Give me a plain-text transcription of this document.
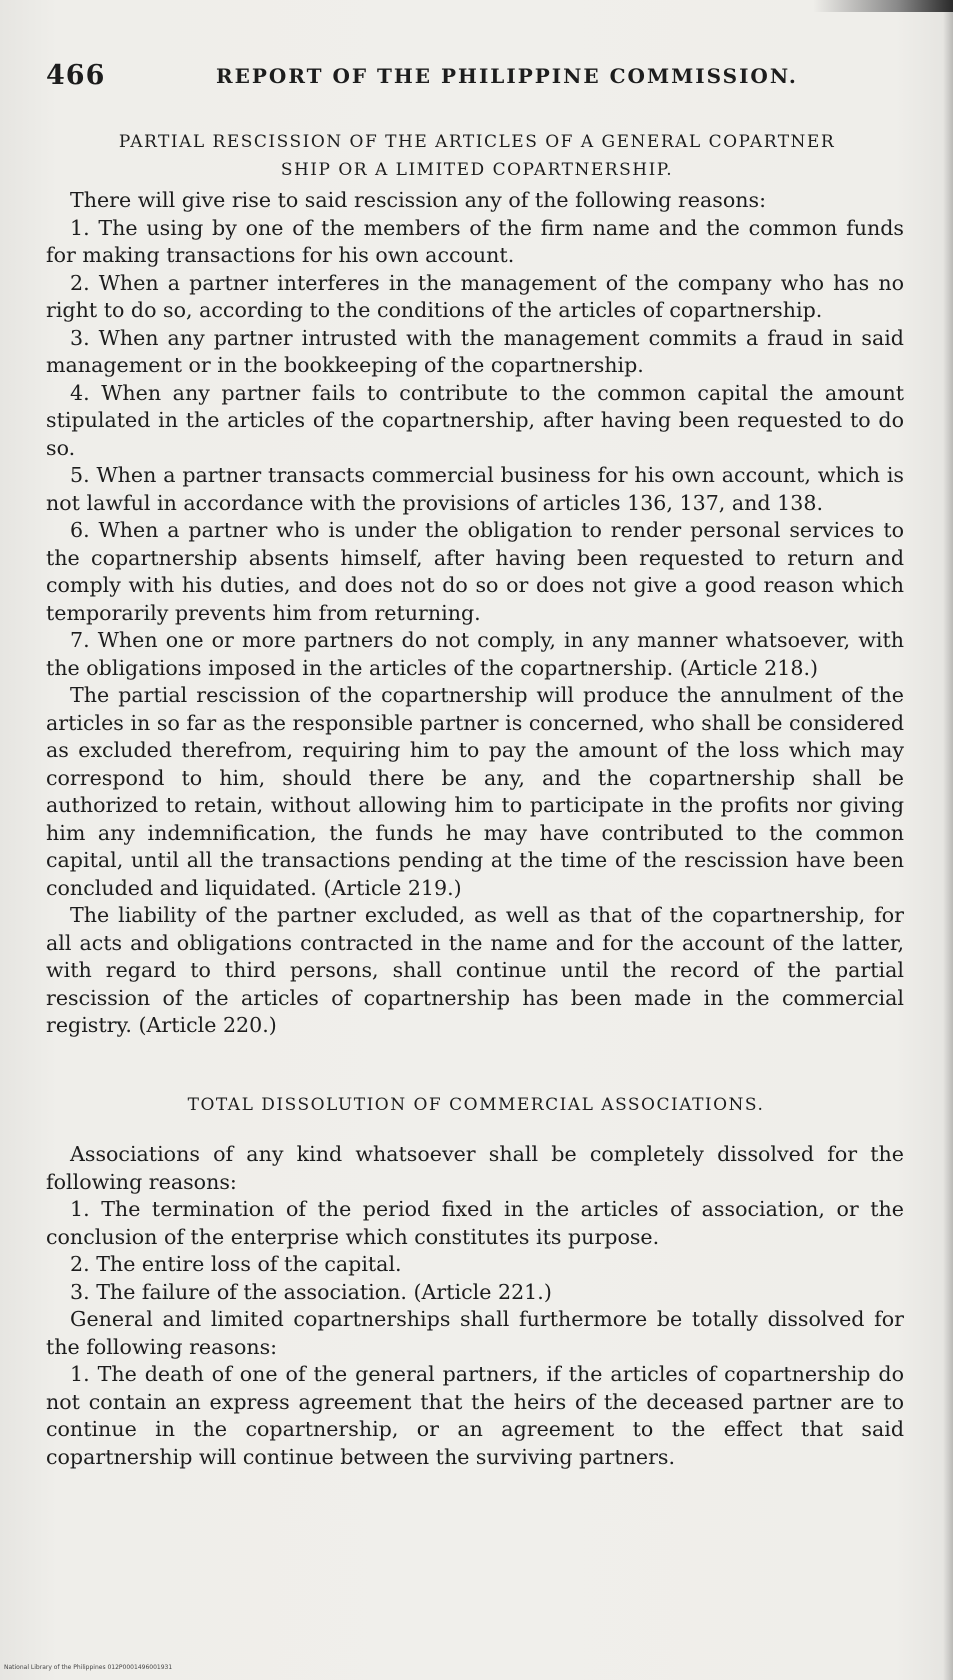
466	REPORT OF THE PHILIPPINE COMMISSION.
PARTIAL RESCISSION OF THE ARTICLES OF A GENERAL COPARTNER
SHIP OR A LIMITED COPARTNERSHIP.

There will give rise to said rescission any of the following reasons:

1. The using by one of the members of the firm name and the common funds for making transactions for his own account.

2. When a partner interferes in the management of the company who has no right to do so, according to the conditions of the articles of copartnership.

3. When any partner intrusted with the management commits a fraud in said management or in the bookkeeping of the copartnership.

4. When any partner fails to contribute to the common capital the amount stipulated in the articles of the copartnership, after having been requested to do so.

5. When a partner transacts commercial business for his own account, which is not lawful in accordance with the provisions of articles 136, 137, and 138.

6. When a partner who is under the obligation to render personal services to the copartnership absents himself, after having been requested to return and comply with his duties, and does not do so or does not give a good reason which temporarily prevents him from returning.

7. When one or more partners do not comply, in any manner whatsoever, with the obligations imposed in the articles of the copartnership. (Article 218.)

The partial rescission of the copartnership will produce the annulment of the articles in so far as the responsible partner is concerned, who shall be considered as excluded therefrom, requiring him to pay the amount of the loss which may correspond to him, should there be any, and the copartnership shall be authorized to retain, without allowing him to participate in the profits nor giving him any indemnification, the funds he may have contributed to the common capital, until all the transactions pending at the time of the rescission have been concluded and liquidated. (Article 219.)

The liability of the partner excluded, as well as that of the copartnership, for all acts and obligations contracted in the name and for the account of the latter, with regard to third persons, shall continue until the record of the partial rescission of the articles of copartnership has been made in the commercial registry. (Article 220.)

TOTAL DISSOLUTION OF COMMERCIAL ASSOCIATIONS.

Associations of any kind whatsoever shall be completely dissolved for the following reasons:

1. The termination of the period fixed in the articles of association, or the conclusion of the enterprise which constitutes its purpose.

2. The entire loss of the capital.

3. The failure of the association. (Article 221.)

General and limited copartnerships shall furthermore be totally dissolved for the following reasons:

1. The death of one of the general partners, if the articles of copartnership do not contain an express agreement that the heirs of the deceased partner are to continue in the copartnership, or an agreement to the effect that said copartnership will continue between the surviving partners.

National Library of the Philippines 012P0001496001931
